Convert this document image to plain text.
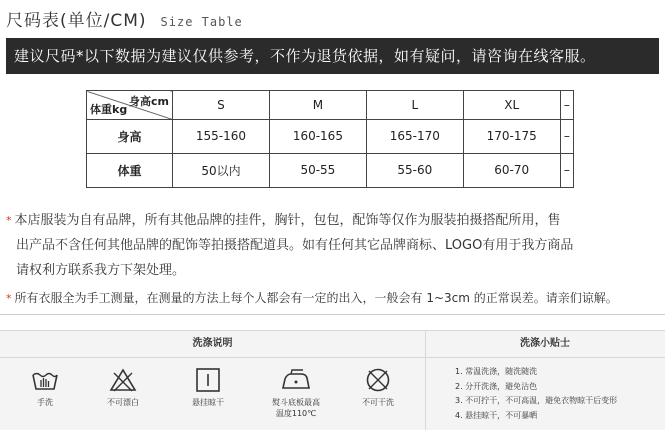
尺码表(单位/CM) Size Table
建议尺码*以下数据为建议仅供参考，不作为退货依据，如有疑问，请咨询在线客服。
身高cm
体重kg	S	M	L	XL	–
身高	155-160	160-165	165-170	170-175	–
体重	50以内	50-55	55-60	60-70	–

* 本店服装为自有品牌，所有其他品牌的挂件，胸针，包包，配饰等仅作为服装拍摄搭配所用，售

出产品不含任何其他品牌的配饰等拍摄搭配道具。如有任何其它品牌商标、LOGO有用于我方商品

请权利方联系我方下架处理。

* 所有衣服全为手工测量，在测量的方法上每个人都会有一定的出入，一般会有 1~3cm 的正常误差。请亲们谅解。
洗涤说明	洗涤小贴士
手洗	不可漂白	悬挂晾干	熨斗底板最高
温度110℃
不可干洗
1. 常温洗涤，随洗随洗
2. 分开洗涤，避免沾色
3. 不可拧干，不可高温，避免衣物晾干后变形
4. 悬挂晾干，不可暴晒
